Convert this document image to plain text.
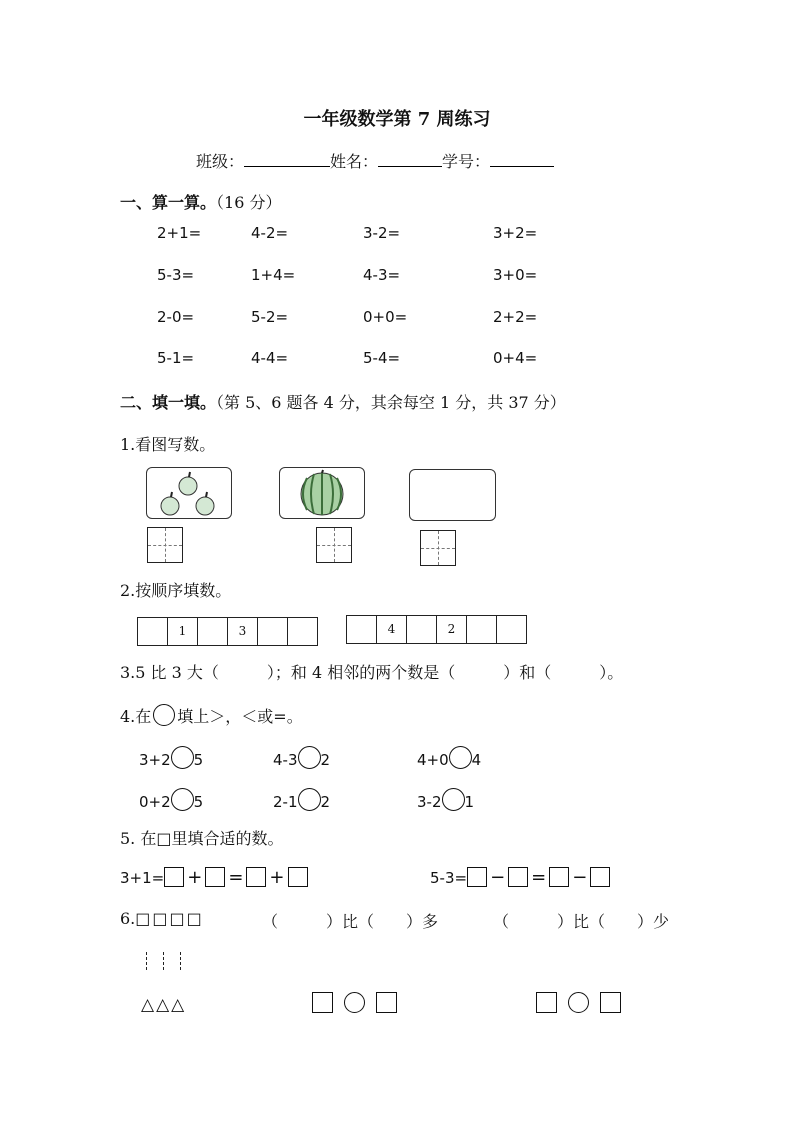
一年级数学第 7 周练习
班级：	姓名：	学号：
一、算一算。（16 分）
2+1=	4-2=	3-2=	3+2=
5-3=	1+4=	4-3=	3+0=
2-0=	5-2=	0+0=	2+2=
5-1=	4-4=	5-4=	0+4=
二、填一填。（第 5、6 题各 4 分，其余每空 1 分，共 37 分）
1.看图写数。
2.按顺序填数。
1	3	4	2
3.5 比 3 大（　　　）；和 4 相邻的两个数是（　　　）和（　　　）。
4.在 填上＞，＜或=。
3+2 5	4-3 2	4+0 4
0+2 5	2-1 2	3-2 1
5. 在□里填合适的数。
3+1= + = +	5-3= − = −
6.□□□□	（　　　）比（　　）多	（　　　）比（　　）少
△△△
